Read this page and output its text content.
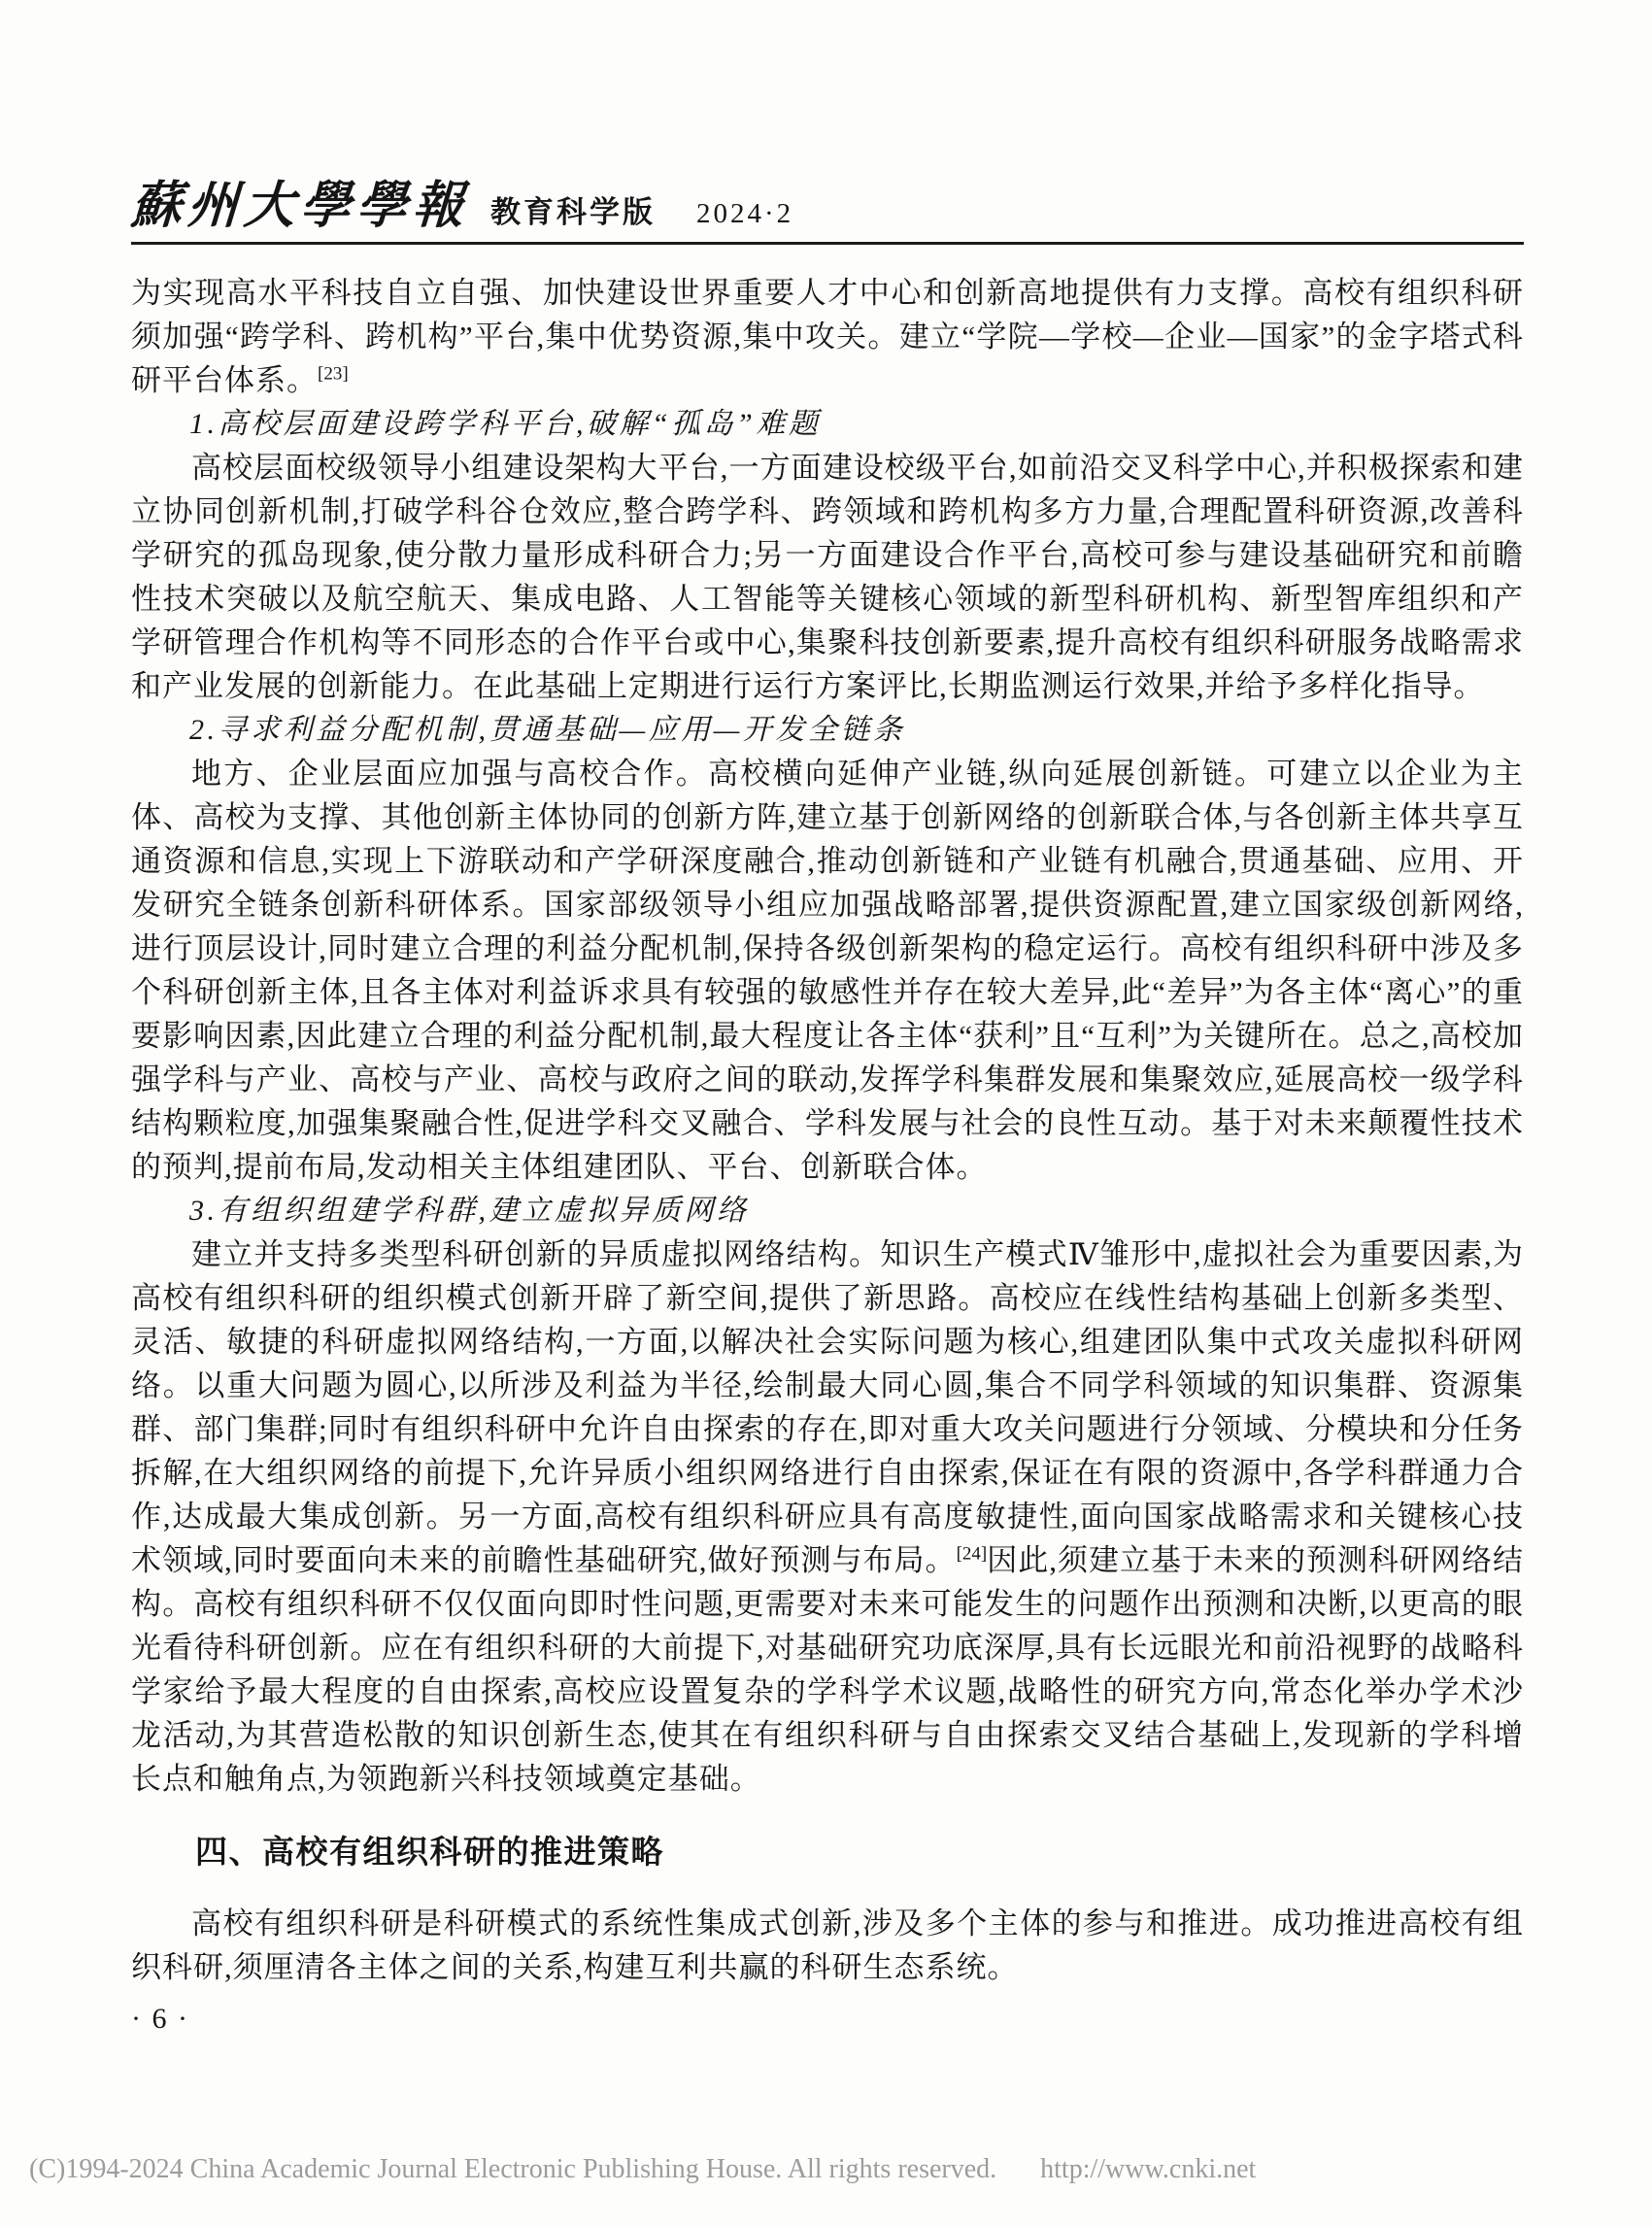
蘇州大學學報 教育科学版 2024·2

为实现高水平科技自立自强、加快建设世界重要人才中心和创新高地提供有力支撑。高校有组织科研须加强“跨学科、跨机构”平台,集中优势资源,集中攻关。建立“学院—学校—企业—国家”的金字塔式科研平台体系。[23]

1.高校层面建设跨学科平台,破解“孤岛”难题

高校层面校级领导小组建设架构大平台,一方面建设校级平台,如前沿交叉科学中心,并积极探索和建立协同创新机制,打破学科谷仓效应,整合跨学科、跨领域和跨机构多方力量,合理配置科研资源,改善科学研究的孤岛现象,使分散力量形成科研合力;另一方面建设合作平台,高校可参与建设基础研究和前瞻性技术突破以及航空航天、集成电路、人工智能等关键核心领域的新型科研机构、新型智库组织和产学研管理合作机构等不同形态的合作平台或中心,集聚科技创新要素,提升高校有组织科研服务战略需求和产业发展的创新能力。在此基础上定期进行运行方案评比,长期监测运行效果,并给予多样化指导。

2.寻求利益分配机制,贯通基础—应用—开发全链条

地方、企业层面应加强与高校合作。高校横向延伸产业链,纵向延展创新链。可建立以企业为主体、高校为支撑、其他创新主体协同的创新方阵,建立基于创新网络的创新联合体,与各创新主体共享互通资源和信息,实现上下游联动和产学研深度融合,推动创新链和产业链有机融合,贯通基础、应用、开发研究全链条创新科研体系。国家部级领导小组应加强战略部署,提供资源配置,建立国家级创新网络,进行顶层设计,同时建立合理的利益分配机制,保持各级创新架构的稳定运行。高校有组织科研中涉及多个科研创新主体,且各主体对利益诉求具有较强的敏感性并存在较大差异,此“差异”为各主体“离心”的重要影响因素,因此建立合理的利益分配机制,最大程度让各主体“获利”且“互利”为关键所在。总之,高校加强学科与产业、高校与产业、高校与政府之间的联动,发挥学科集群发展和集聚效应,延展高校一级学科结构颗粒度,加强集聚融合性,促进学科交叉融合、学科发展与社会的良性互动。基于对未来颠覆性技术的预判,提前布局,发动相关主体组建团队、平台、创新联合体。

3.有组织组建学科群,建立虚拟异质网络

建立并支持多类型科研创新的异质虚拟网络结构。知识生产模式Ⅳ雏形中,虚拟社会为重要因素,为高校有组织科研的组织模式创新开辟了新空间,提供了新思路。高校应在线性结构基础上创新多类型、灵活、敏捷的科研虚拟网络结构,一方面,以解决社会实际问题为核心,组建团队集中式攻关虚拟科研网络。以重大问题为圆心,以所涉及利益为半径,绘制最大同心圆,集合不同学科领域的知识集群、资源集群、部门集群;同时有组织科研中允许自由探索的存在,即对重大攻关问题进行分领域、分模块和分任务拆解,在大组织网络的前提下,允许异质小组织网络进行自由探索,保证在有限的资源中,各学科群通力合作,达成最大集成创新。另一方面,高校有组织科研应具有高度敏捷性,面向国家战略需求和关键核心技术领域,同时要面向未来的前瞻性基础研究,做好预测与布局。[24]因此,须建立基于未来的预测科研网络结构。高校有组织科研不仅仅面向即时性问题,更需要对未来可能发生的问题作出预测和决断,以更高的眼光看待科研创新。应在有组织科研的大前提下,对基础研究功底深厚,具有长远眼光和前沿视野的战略科学家给予最大程度的自由探索,高校应设置复杂的学科学术议题,战略性的研究方向,常态化举办学术沙龙活动,为其营造松散的知识创新生态,使其在有组织科研与自由探索交叉结合基础上,发现新的学科增长点和触角点,为领跑新兴科技领域奠定基础。

四、高校有组织科研的推进策略

高校有组织科研是科研模式的系统性集成式创新,涉及多个主体的参与和推进。成功推进高校有组织科研,须厘清各主体之间的关系,构建互利共赢的科研生态系统。

· 6 ·
(C)1994-2024 China Academic Journal Electronic Publishing House. All rights reserved. http://www.cnki.net
